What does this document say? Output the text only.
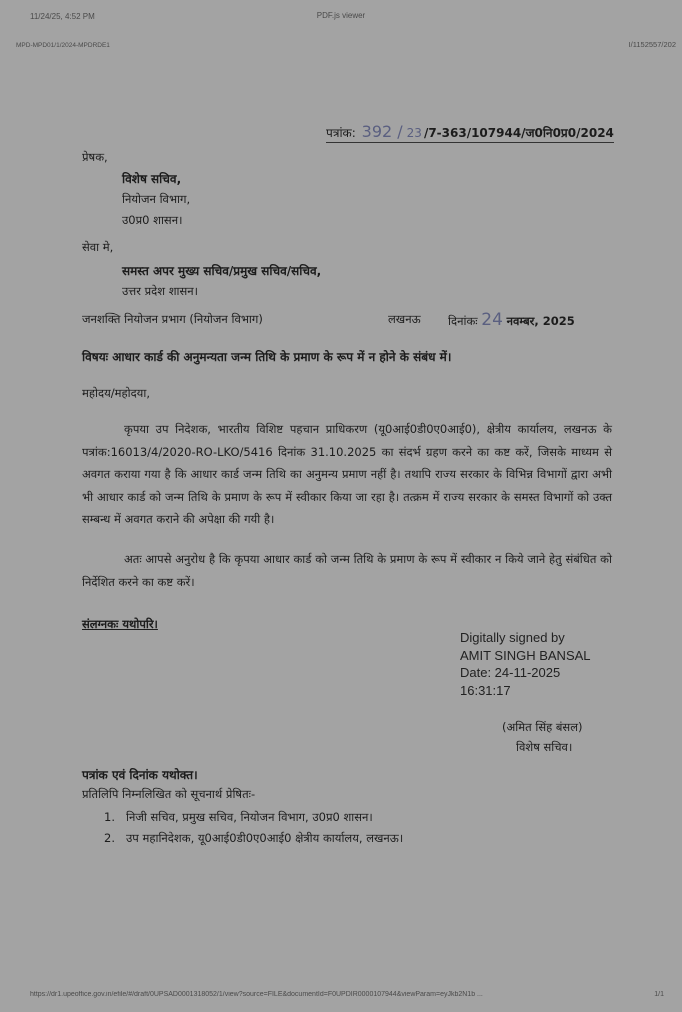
11/24/25, 4:52 PM	PDF.js viewer
MPD-MPD01/1/2024-MPDRDE1	I/1152557/202
पत्रांक: 392 / 23 /7-363/107944/ज0नि0प्र0/2024
प्रेषक,
विशेष सचिव,
नियोजन विभाग,
उ0प्र0 शासन।
सेवा मे,
समस्त अपर मुख्य सचिव/प्रमुख सचिव/सचिव,
उत्तर प्रदेश शासन।
जनशक्ति नियोजन प्रभाग (नियोजन विभाग)	लखनऊ दिनांकः 24 नवम्बर, 2025
विषयः आधार कार्ड की अनुमन्यता जन्म तिथि के प्रमाण के रूप में न होने के संबंध में।
महोदय/महोदया,
कृपया उप निदेशक, भारतीय विशिष्ट पहचान प्राधिकरण (यू0आई0डी0ए0आई0), क्षेत्रीय कार्यालय, लखनऊ के पत्रांक:16013/4/2020-RO-LKO/5416 दिनांक 31.10.2025 का संदर्भ ग्रहण करने का कष्ट करें, जिसके माध्यम से अवगत कराया गया है कि आधार कार्ड जन्म तिथि का अनुमन्य प्रमाण नहीं है। तथापि राज्य सरकार के विभिन्न विभागों द्वारा अभी भी आधार कार्ड को जन्म तिथि के प्रमाण के रूप में स्वीकार किया जा रहा है। तत्क्रम में राज्य सरकार के समस्त विभागों को उक्त सम्बन्ध में अवगत कराने की अपेक्षा की गयी है।
अतः आपसे अनुरोध है कि कृपया आधार कार्ड को जन्म तिथि के प्रमाण के रूप में स्वीकार न किये जाने हेतु संबंधित को निर्देशित करने का कष्ट करें।
संलग्नकः यथोपरि।
Digitally signed by
AMIT SINGH BANSAL
Date: 24-11-2025
16:31:17
(अमित सिंह बंसल)
विशेष सचिव।
पत्रांक एवं दिनांक यथोक्त।
प्रतिलिपि निम्नलिखित को सूचनार्थ प्रेषितः-
1. निजी सचिव, प्रमुख सचिव, नियोजन विभाग, उ0प्र0 शासन।
2. उप महानिदेशक, यू0आई0डी0ए0आई0 क्षेत्रीय कार्यालय, लखनऊ।
https://dr1.upeoffice.gov.in/efile/#/draft/0UPSAD0001318052/1/view?source=FILE&documentId=F0UPDIR0000107944&viewParam=eyJkb2N1b ...	1/1
